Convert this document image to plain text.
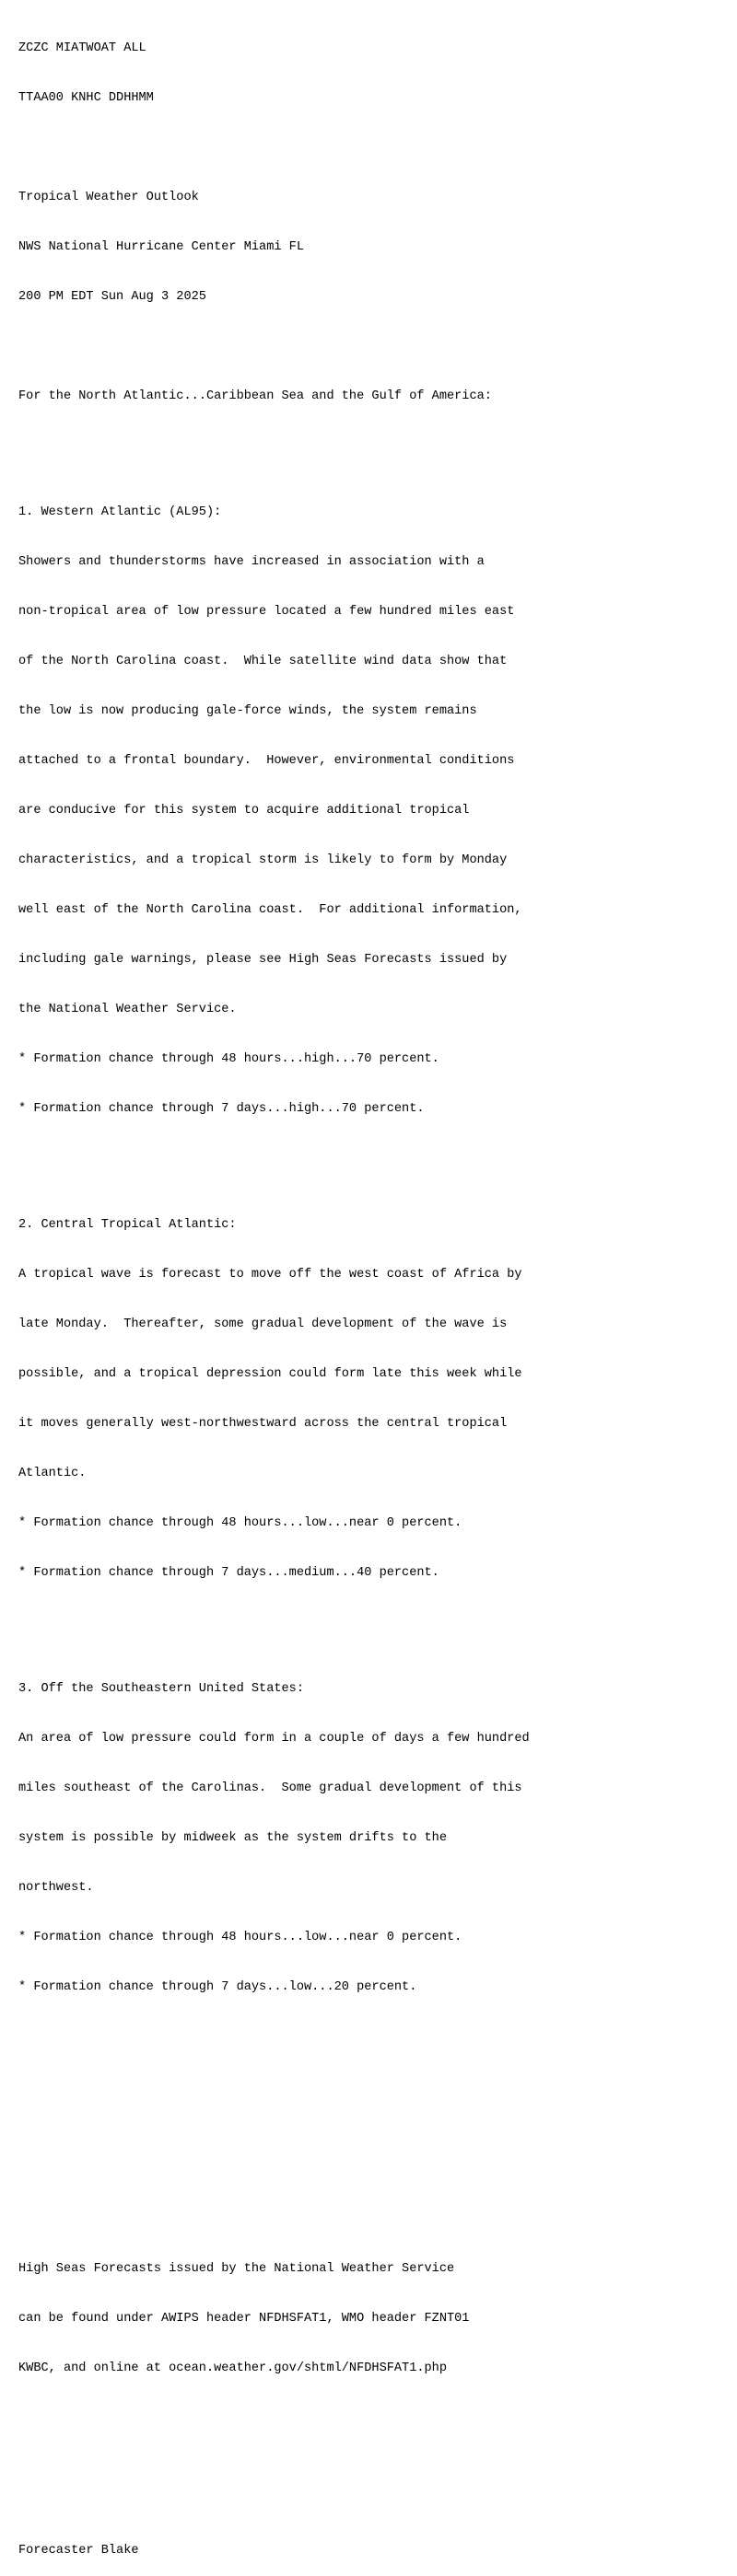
ZCZC MIATWOAT ALL

TTAA00 KNHC DDHHMM

Tropical Weather Outlook

NWS National Hurricane Center Miami FL

200 PM EDT Sun Aug 3 2025

For the North Atlantic...Caribbean Sea and the Gulf of America:

1. Western Atlantic (AL95):

Showers and thunderstorms have increased in association with a

non-tropical area of low pressure located a few hundred miles east

of the North Carolina coast.  While satellite wind data show that

the low is now producing gale-force winds, the system remains

attached to a frontal boundary.  However, environmental conditions

are conducive for this system to acquire additional tropical

characteristics, and a tropical storm is likely to form by Monday

well east of the North Carolina coast.  For additional information,

including gale warnings, please see High Seas Forecasts issued by

the National Weather Service.

* Formation chance through 48 hours...high...70 percent.

* Formation chance through 7 days...high...70 percent.

2. Central Tropical Atlantic:

A tropical wave is forecast to move off the west coast of Africa by

late Monday.  Thereafter, some gradual development of the wave is

possible, and a tropical depression could form late this week while

it moves generally west-northwestward across the central tropical

Atlantic.

* Formation chance through 48 hours...low...near 0 percent.

* Formation chance through 7 days...medium...40 percent.

3. Off the Southeastern United States:

An area of low pressure could form in a couple of days a few hundred

miles southeast of the Carolinas.  Some gradual development of this

system is possible by midweek as the system drifts to the

northwest.

* Formation chance through 48 hours...low...near 0 percent.

* Formation chance through 7 days...low...20 percent.

High Seas Forecasts issued by the National Weather Service

can be found under AWIPS header NFDHSFAT1, WMO header FZNT01

KWBC, and online at ocean.weather.gov/shtml/NFDHSFAT1.php

Forecaster Blake
